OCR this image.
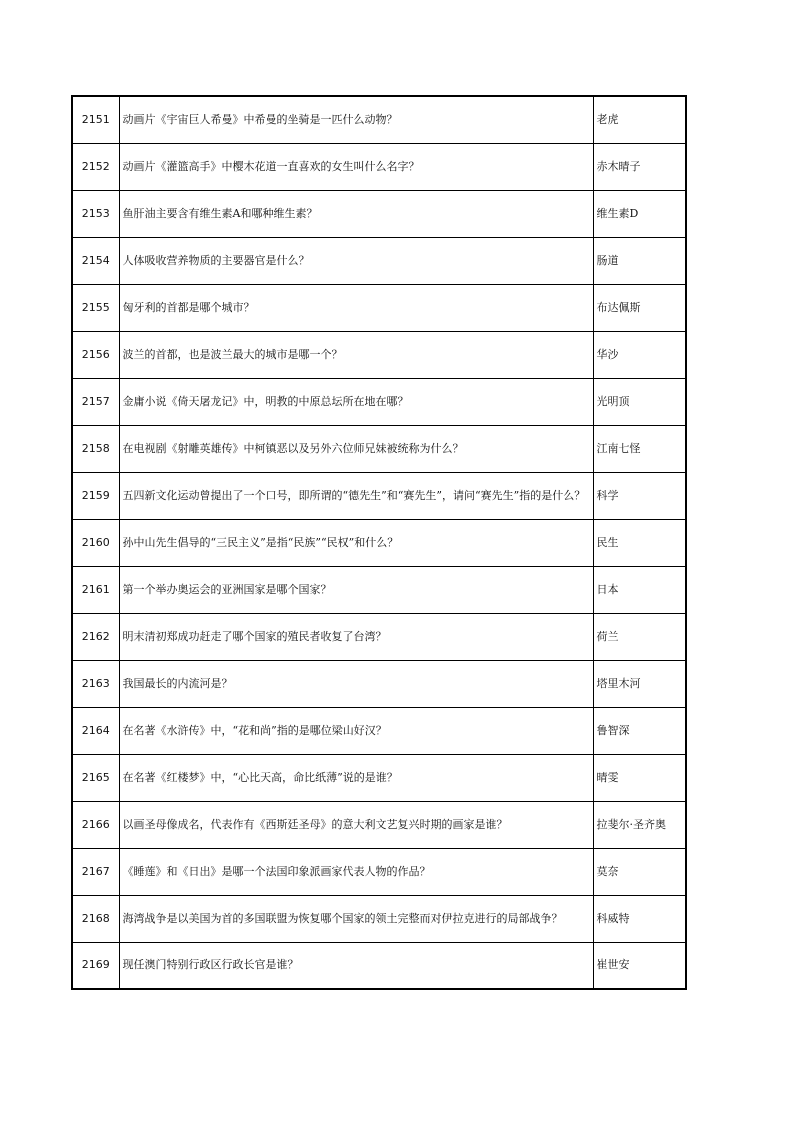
2151	动画片《宇宙巨人希曼》中希曼的坐骑是一匹什么动物？	老虎
2152	动画片《灌篮高手》中樱木花道一直喜欢的女生叫什么名字？	赤木晴子
2153	鱼肝油主要含有维生素A和哪种维生素？	维生素D
2154	人体吸收营养物质的主要器官是什么？	肠道
2155	匈牙利的首都是哪个城市？	布达佩斯
2156	波兰的首都，也是波兰最大的城市是哪一个？	华沙
2157	金庸小说《倚天屠龙记》中，明教的中原总坛所在地在哪？	光明顶
2158	在电视剧《射雕英雄传》中柯镇恶以及另外六位师兄妹被统称为什么？	江南七怪
2159	五四新文化运动曾提出了一个口号，即所谓的“德先生”和“赛先生”，请问“赛先生”指的是什么？	科学
2160	孙中山先生倡导的“三民主义”是指“民族”“民权”和什么？	民生
2161	第一个举办奥运会的亚洲国家是哪个国家？	日本
2162	明末清初郑成功赶走了哪个国家的殖民者收复了台湾？	荷兰
2163	我国最长的内流河是？	塔里木河
2164	在名著《水浒传》中，“花和尚”指的是哪位梁山好汉？	鲁智深
2165	在名著《红楼梦》中，“心比天高，命比纸薄”说的是谁？	晴雯
2166	以画圣母像成名，代表作有《西斯廷圣母》的意大利文艺复兴时期的画家是谁？	拉斐尔·圣齐奥
2167	《睡莲》和《日出》是哪一个法国印象派画家代表人物的作品？	莫奈
2168	海湾战争是以美国为首的多国联盟为恢复哪个国家的领土完整而对伊拉克进行的局部战争？	科威特
2169	现任澳门特别行政区行政长官是谁？	崔世安
